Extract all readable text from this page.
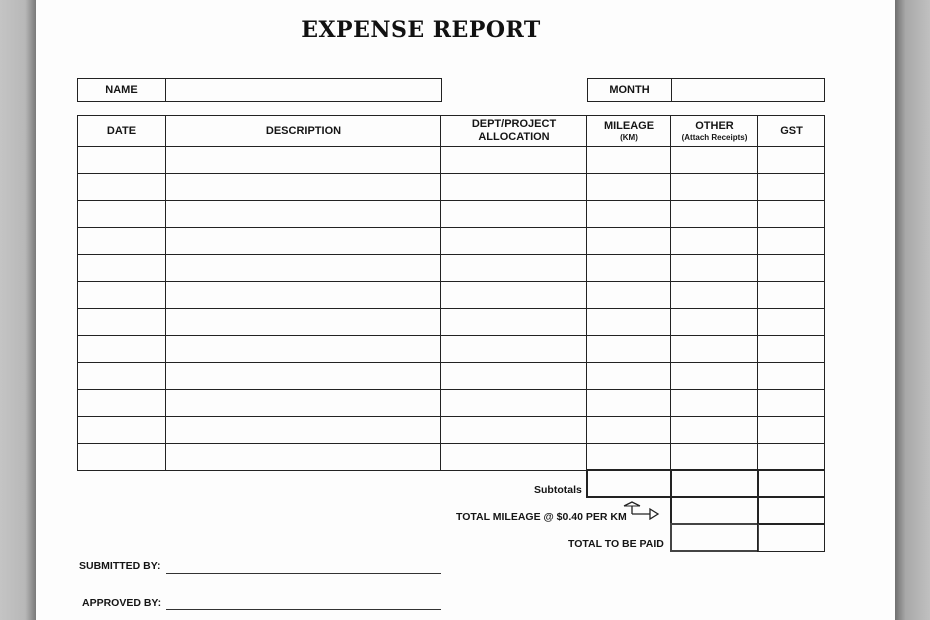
EXPENSE REPORT
NAME	MONTH
DATE	DESCRIPTION
DEPT/PROJECT ALLOCATION
MILEAGE
(KM)
OTHER
(Attach Receipts)
GST
Subtotals
TOTAL MILEAGE @ $0.40 PER KM
TOTAL TO BE PAID
SUBMITTED BY:
APPROVED BY:
